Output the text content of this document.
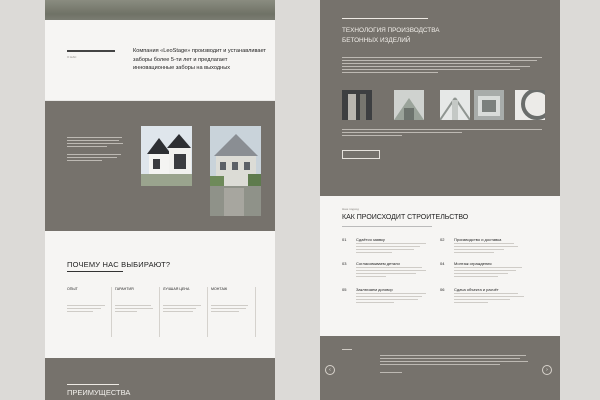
О НАС
Компания «LeoStage» производит и устанавливает заборы более 5-ти лет и предлагает инновационные заборы на выходных
ПОЧЕМУ НАС ВЫБИРАЮТ?
ОПЫТ	ГАРАНТИЯ	ЛУЧШАЯ ЦЕНА	МОНТАЖ
ПРЕИМУЩЕСТВА
ТЕХНОЛОГИЯ ПРОИЗВОДСТВА
БЕТОННЫХ ИЗДЕЛИЙ
Наш подход
КАК ПРОИСХОДИТ СТРОИТЕЛЬСТВО
01 Сдаётся заявку	02 Производство и доставка
03 Согласовываем детали	04 Монтаж ограждения
05 Заключаем договор	06 Сдача объекта и расчёт
‹	›
